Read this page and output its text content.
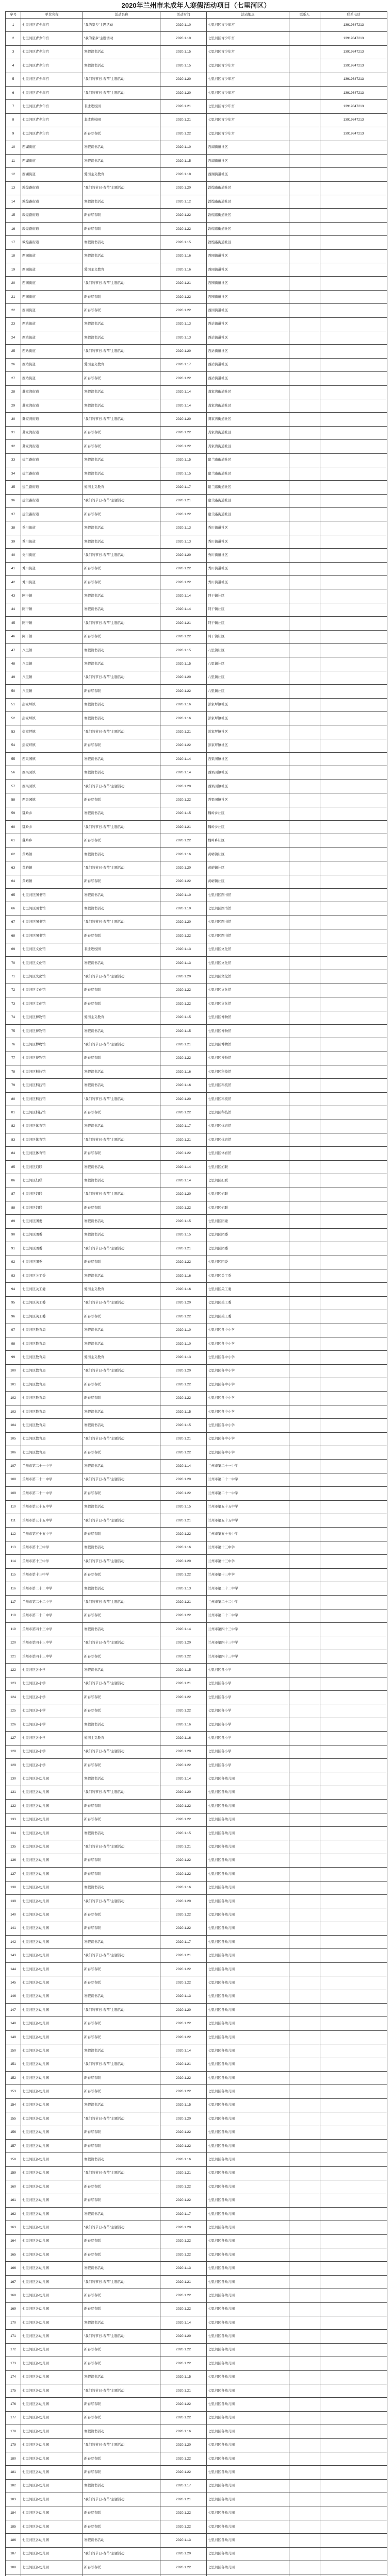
2020年兰州市未成年人寒假活动项目（七里河区）
序号	单位名称	活动名称	活动时间	活动地点	联系人	联系电话
1	七里河区青少年宫	“我的家乡”主题活动	2020.1.10	七里河区青少年宫		13919847213
2	七里河区青少年宫	“我的家乡”主题活动	2020.1.10	七里河区青少年宫		13919847213
3	七里河区青少年宫	寒假读书活动	2020.1.15	七里河区青少年宫		13919847213
4	七里河区青少年宫	寒假读书活动	2020.1.15	七里河区青少年宫		13919847213
5	七里河区青少年宫	“我们的节日·春节”主题活动	2020.1.20	七里河区青少年宫		13919847213
6	七里河区青少年宫	“我们的节日·春节”主题活动	2020.1.20	七里河区青少年宫		13919847213
7	七里河区青少年宫	非遗进校园	2020.1.21	七里河区青少年宫		13919847213
8	七里河区青少年宫	非遗进校园	2020.1.21	七里河区青少年宫		13919847213
9	七里河区青少年宫	新春写春联	2020.1.22	七里河区青少年宫		13919847213
10	西湖街道	寒假读书活动	2020.1.10	西湖街道社区		
11	西湖街道	寒假读书活动	2020.1.15	西湖街道社区		
12	西湖街道	爱国主义教育	2020.1.18	西湖街道社区		
13	敦煌路街道	“我们的节日·春节”主题活动	2020.1.20	敦煌路街道社区		
14	敦煌路街道	寒假读书活动	2020.1.12	敦煌路街道社区		
15	敦煌路街道	新春写春联	2020.1.22	敦煌路街道社区		
16	敦煌路街道	新春写春联	2020.1.22	敦煌路街道社区		
17	敦煌路街道	寒假读书活动	2020.1.15	敦煌路街道社区		
18	西园街道	寒假读书活动	2020.1.16	西园街道社区		
19	西园街道	爱国主义教育	2020.1.16	西园街道社区		
20	西园街道	“我们的节日·春节”主题活动	2020.1.21	西园街道社区		
21	西园街道	新春写春联	2020.1.22	西园街道社区		
22	西园街道	新春写春联	2020.1.22	西园街道社区		
23	西站街道	寒假读书活动	2020.1.13	西站街道社区		
24	西站街道	寒假读书活动	2020.1.13	西站街道社区		
25	西站街道	“我们的节日·春节”主题活动	2020.1.20	西站街道社区		
26	西站街道	爱国主义教育	2020.1.17	西站街道社区		
27	西站街道	新春写春联	2020.1.22	西站街道社区		
28	龚家湾街道	寒假读书活动	2020.1.14	龚家湾街道社区		
29	龚家湾街道	寒假读书活动	2020.1.14	龚家湾街道社区		
30	龚家湾街道	“我们的节日·春节”主题活动	2020.1.20	龚家湾街道社区		
31	龚家湾街道	新春写春联	2020.1.22	龚家湾街道社区		
32	龚家湾街道	新春写春联	2020.1.22	龚家湾街道社区		
33	建兰路街道	寒假读书活动	2020.1.15	建兰路街道社区		
34	建兰路街道	寒假读书活动	2020.1.15	建兰路街道社区		
35	建兰路街道	爱国主义教育	2020.1.17	建兰路街道社区		
36	建兰路街道	“我们的节日·春节”主题活动	2020.1.21	建兰路街道社区		
37	建兰路街道	新春写春联	2020.1.22	建兰路街道社区		
38	秀川街道	寒假读书活动	2020.1.13	秀川街道社区		
39	秀川街道	寒假读书活动	2020.1.13	秀川街道社区		
40	秀川街道	“我们的节日·春节”主题活动	2020.1.20	秀川街道社区		
41	秀川街道	新春写春联	2020.1.22	秀川街道社区		
42	秀川街道	新春写春联	2020.1.22	秀川街道社区		
43	阿干镇	寒假读书活动	2020.1.14	阿干镇社区		
44	阿干镇	寒假读书活动	2020.1.14	阿干镇社区		
45	阿干镇	“我们的节日·春节”主题活动	2020.1.21	阿干镇社区		
46	阿干镇	新春写春联	2020.1.22	阿干镇社区		
47	八里镇	寒假读书活动	2020.1.15	八里镇社区		
48	八里镇	寒假读书活动	2020.1.15	八里镇社区		
49	八里镇	“我们的节日·春节”主题活动	2020.1.20	八里镇社区		
50	八里镇	新春写春联	2020.1.22	八里镇社区		
51	彭家坪镇	寒假读书活动	2020.1.16	彭家坪镇社区		
52	彭家坪镇	寒假读书活动	2020.1.16	彭家坪镇社区		
53	彭家坪镇	“我们的节日·春节”主题活动	2020.1.21	彭家坪镇社区		
54	彭家坪镇	新春写春联	2020.1.22	彭家坪镇社区		
55	西果园镇	寒假读书活动	2020.1.14	西果园镇社区		
56	西果园镇	寒假读书活动	2020.1.14	西果园镇社区		
57	西果园镇	“我们的节日·春节”主题活动	2020.1.20	西果园镇社区		
58	西果园镇	新春写春联	2020.1.22	西果园镇社区		
59	魏岭乡	寒假读书活动	2020.1.15	魏岭乡社区		
60	魏岭乡	“我们的节日·春节”主题活动	2020.1.21	魏岭乡社区		
61	魏岭乡	新春写春联	2020.1.22	魏岭乡社区		
62	黄峪镇	寒假读书活动	2020.1.16	黄峪镇社区		
63	黄峪镇	“我们的节日·春节”主题活动	2020.1.20	黄峪镇社区		
64	黄峪镇	新春写春联	2020.1.22	黄峪镇社区		
65	七里河区图书馆	寒假读书活动	2020.1.10	七里河区图书馆		
66	七里河区图书馆	寒假读书活动	2020.1.10	七里河区图书馆		
67	七里河区图书馆	“我们的节日·春节”主题活动	2020.1.20	七里河区图书馆		
68	七里河区图书馆	新春写春联	2020.1.22	七里河区图书馆		
69	七里河区文化馆	非遗进校园	2020.1.13	七里河区文化馆		
70	七里河区文化馆	寒假读书活动	2020.1.13	七里河区文化馆		
71	七里河区文化馆	“我们的节日·春节”主题活动	2020.1.20	七里河区文化馆		
72	七里河区文化馆	新春写春联	2020.1.22	七里河区文化馆		
73	七里河区文化馆	新春写春联	2020.1.22	七里河区文化馆		
74	七里河区博物馆	爱国主义教育	2020.1.15	七里河区博物馆		
75	七里河区博物馆	寒假读书活动	2020.1.15	七里河区博物馆		
76	七里河区博物馆	“我们的节日·春节”主题活动	2020.1.21	七里河区博物馆		
77	七里河区博物馆	新春写春联	2020.1.22	七里河区博物馆		
78	七里河区科技馆	寒假读书活动	2020.1.16	七里河区科技馆		
79	七里河区科技馆	寒假读书活动	2020.1.16	七里河区科技馆		
80	七里河区科技馆	“我们的节日·春节”主题活动	2020.1.20	七里河区科技馆		
81	七里河区科技馆	新春写春联	2020.1.22	七里河区科技馆		
82	七里河区体育馆	寒假读书活动	2020.1.17	七里河区体育馆		
83	七里河区体育馆	“我们的节日·春节”主题活动	2020.1.21	七里河区体育馆		
84	七里河区体育馆	新春写春联	2020.1.22	七里河区体育馆		
85	七里河区妇联	寒假读书活动	2020.1.14	七里河区妇联		
86	七里河区妇联	寒假读书活动	2020.1.14	七里河区妇联		
87	七里河区妇联	“我们的节日·春节”主题活动	2020.1.20	七里河区妇联		
88	七里河区妇联	新春写春联	2020.1.22	七里河区妇联		
89	七里河区团委	寒假读书活动	2020.1.15	七里河区团委		
90	七里河区团委	寒假读书活动	2020.1.15	七里河区团委		
91	七里河区团委	“我们的节日·春节”主题活动	2020.1.21	七里河区团委		
92	七里河区团委	新春写春联	2020.1.22	七里河区团委		
93	七里河区关工委	寒假读书活动	2020.1.16	七里河区关工委		
94	七里河区关工委	爱国主义教育	2020.1.16	七里河区关工委		
95	七里河区关工委	“我们的节日·春节”主题活动	2020.1.20	七里河区关工委		
96	七里河区关工委	新春写春联	2020.1.22	七里河区关工委		
97	七里河区教育局	寒假读书活动	2020.1.10	七里河区各中小学		
98	七里河区教育局	寒假读书活动	2020.1.10	七里河区各中小学		
99	七里河区教育局	爱国主义教育	2020.1.13	七里河区各中小学		
100	七里河区教育局	“我们的节日·春节”主题活动	2020.1.20	七里河区各中小学		
101	七里河区教育局	新春写春联	2020.1.22	七里河区各中小学		
102	七里河区教育局	新春写春联	2020.1.22	七里河区各中小学		
103	七里河区教育局	寒假读书活动	2020.1.15	七里河区各中小学		
104	七里河区教育局	寒假读书活动	2020.1.15	七里河区各中小学		
105	七里河区教育局	“我们的节日·春节”主题活动	2020.1.21	七里河区各中小学		
106	七里河区教育局	新春写春联	2020.1.22	七里河区各中小学		
107	兰州市第二十一中学	寒假读书活动	2020.1.14	兰州市第二十一中学		
108	兰州市第二十一中学	“我们的节日·春节”主题活动	2020.1.20	兰州市第二十一中学		
109	兰州市第二十一中学	新春写春联	2020.1.22	兰州市第二十一中学		
110	兰州市第五十五中学	寒假读书活动	2020.1.15	兰州市第五十五中学		
111	兰州市第五十五中学	“我们的节日·春节”主题活动	2020.1.21	兰州市第五十五中学		
112	兰州市第五十五中学	新春写春联	2020.1.22	兰州市第五十五中学		
113	兰州市第十三中学	寒假读书活动	2020.1.16	兰州市第十三中学		
114	兰州市第十三中学	“我们的节日·春节”主题活动	2020.1.20	兰州市第十三中学		
115	兰州市第十三中学	新春写春联	2020.1.22	兰州市第十三中学		
116	兰州市第二十二中学	寒假读书活动	2020.1.13	兰州市第二十二中学		
117	兰州市第二十二中学	“我们的节日·春节”主题活动	2020.1.21	兰州市第二十二中学		
118	兰州市第二十二中学	新春写春联	2020.1.22	兰州市第二十二中学		
119	兰州市第四十三中学	寒假读书活动	2020.1.14	兰州市第四十三中学		
120	兰州市第四十三中学	“我们的节日·春节”主题活动	2020.1.20	兰州市第四十三中学		
121	兰州市第四十三中学	新春写春联	2020.1.22	兰州市第四十三中学		
122	七里河区各小学	寒假读书活动	2020.1.15	七里河区各小学		
123	七里河区各小学	“我们的节日·春节”主题活动	2020.1.21	七里河区各小学		
124	七里河区各小学	新春写春联	2020.1.22	七里河区各小学		
125	七里河区各小学	新春写春联	2020.1.22	七里河区各小学		
126	七里河区各小学	寒假读书活动	2020.1.16	七里河区各小学		
127	七里河区各小学	爱国主义教育	2020.1.16	七里河区各小学		
128	七里河区各小学	“我们的节日·春节”主题活动	2020.1.20	七里河区各小学		
129	七里河区各小学	新春写春联	2020.1.22	七里河区各小学		
130	七里河区各幼儿园	寒假读书活动	2020.1.14	七里河区各幼儿园		
131	七里河区各幼儿园	“我们的节日·春节”主题活动	2020.1.20	七里河区各幼儿园		
132	七里河区各幼儿园	新春写春联	2020.1.22	七里河区各幼儿园		
133	七里河区各幼儿园	新春写春联	2020.1.22	七里河区各幼儿园		
134	七里河区各幼儿园	寒假读书活动	2020.1.15	七里河区各幼儿园		
135	七里河区各幼儿园	“我们的节日·春节”主题活动	2020.1.21	七里河区各幼儿园		
136	七里河区各幼儿园	新春写春联	2020.1.22	七里河区各幼儿园		
137	七里河区各幼儿园	新春写春联	2020.1.22	七里河区各幼儿园		
138	七里河区各幼儿园	寒假读书活动	2020.1.16	七里河区各幼儿园		
139	七里河区各幼儿园	“我们的节日·春节”主题活动	2020.1.20	七里河区各幼儿园		
140	七里河区各幼儿园	新春写春联	2020.1.22	七里河区各幼儿园		
141	七里河区各幼儿园	新春写春联	2020.1.22	七里河区各幼儿园		
142	七里河区各幼儿园	寒假读书活动	2020.1.17	七里河区各幼儿园		
143	七里河区各幼儿园	“我们的节日·春节”主题活动	2020.1.21	七里河区各幼儿园		
144	七里河区各幼儿园	新春写春联	2020.1.22	七里河区各幼儿园		
145	七里河区各幼儿园	新春写春联	2020.1.22	七里河区各幼儿园		
146	七里河区各幼儿园	寒假读书活动	2020.1.13	七里河区各幼儿园		
147	七里河区各幼儿园	“我们的节日·春节”主题活动	2020.1.20	七里河区各幼儿园		
148	七里河区各幼儿园	新春写春联	2020.1.22	七里河区各幼儿园		
149	七里河区各幼儿园	新春写春联	2020.1.22	七里河区各幼儿园		
150	七里河区各幼儿园	寒假读书活动	2020.1.14	七里河区各幼儿园		
151	七里河区各幼儿园	“我们的节日·春节”主题活动	2020.1.21	七里河区各幼儿园		
152	七里河区各幼儿园	新春写春联	2020.1.22	七里河区各幼儿园		
153	七里河区各幼儿园	新春写春联	2020.1.22	七里河区各幼儿园		
154	七里河区各幼儿园	寒假读书活动	2020.1.15	七里河区各幼儿园		
155	七里河区各幼儿园	“我们的节日·春节”主题活动	2020.1.20	七里河区各幼儿园		
156	七里河区各幼儿园	新春写春联	2020.1.22	七里河区各幼儿园		
157	七里河区各幼儿园	新春写春联	2020.1.22	七里河区各幼儿园		
158	七里河区各幼儿园	寒假读书活动	2020.1.16	七里河区各幼儿园		
159	七里河区各幼儿园	“我们的节日·春节”主题活动	2020.1.21	七里河区各幼儿园		
160	七里河区各幼儿园	新春写春联	2020.1.22	七里河区各幼儿园		
161	七里河区各幼儿园	新春写春联	2020.1.22	七里河区各幼儿园		
162	七里河区各幼儿园	寒假读书活动	2020.1.17	七里河区各幼儿园		
163	七里河区各幼儿园	“我们的节日·春节”主题活动	2020.1.20	七里河区各幼儿园		
164	七里河区各幼儿园	新春写春联	2020.1.22	七里河区各幼儿园		
165	七里河区各幼儿园	新春写春联	2020.1.22	七里河区各幼儿园		
166	七里河区各幼儿园	寒假读书活动	2020.1.13	七里河区各幼儿园		
167	七里河区各幼儿园	“我们的节日·春节”主题活动	2020.1.21	七里河区各幼儿园		
168	七里河区各幼儿园	新春写春联	2020.1.22	七里河区各幼儿园		
169	七里河区各幼儿园	新春写春联	2020.1.22	七里河区各幼儿园		
170	七里河区各幼儿园	寒假读书活动	2020.1.14	七里河区各幼儿园		
171	七里河区各幼儿园	“我们的节日·春节”主题活动	2020.1.20	七里河区各幼儿园		
172	七里河区各幼儿园	新春写春联	2020.1.22	七里河区各幼儿园		
173	七里河区各幼儿园	新春写春联	2020.1.22	七里河区各幼儿园		
174	七里河区各幼儿园	寒假读书活动	2020.1.15	七里河区各幼儿园		
175	七里河区各幼儿园	“我们的节日·春节”主题活动	2020.1.21	七里河区各幼儿园		
176	七里河区各幼儿园	新春写春联	2020.1.22	七里河区各幼儿园		
177	七里河区各幼儿园	新春写春联	2020.1.22	七里河区各幼儿园		
178	七里河区各幼儿园	寒假读书活动	2020.1.16	七里河区各幼儿园		
179	七里河区各幼儿园	“我们的节日·春节”主题活动	2020.1.20	七里河区各幼儿园		
180	七里河区各幼儿园	新春写春联	2020.1.22	七里河区各幼儿园		
181	七里河区各幼儿园	新春写春联	2020.1.22	七里河区各幼儿园		
182	七里河区各幼儿园	寒假读书活动	2020.1.17	七里河区各幼儿园		
183	七里河区各幼儿园	“我们的节日·春节”主题活动	2020.1.21	七里河区各幼儿园		
184	七里河区各幼儿园	新春写春联	2020.1.22	七里河区各幼儿园		
185	七里河区各幼儿园	新春写春联	2020.1.22	七里河区各幼儿园		
186	七里河区各幼儿园	寒假读书活动	2020.1.13	七里河区各幼儿园		
187	七里河区各幼儿园	“我们的节日·春节”主题活动	2020.1.20	七里河区各幼儿园		
188	七里河区各幼儿园	新春写春联	2020.1.22	七里河区各幼儿园		
